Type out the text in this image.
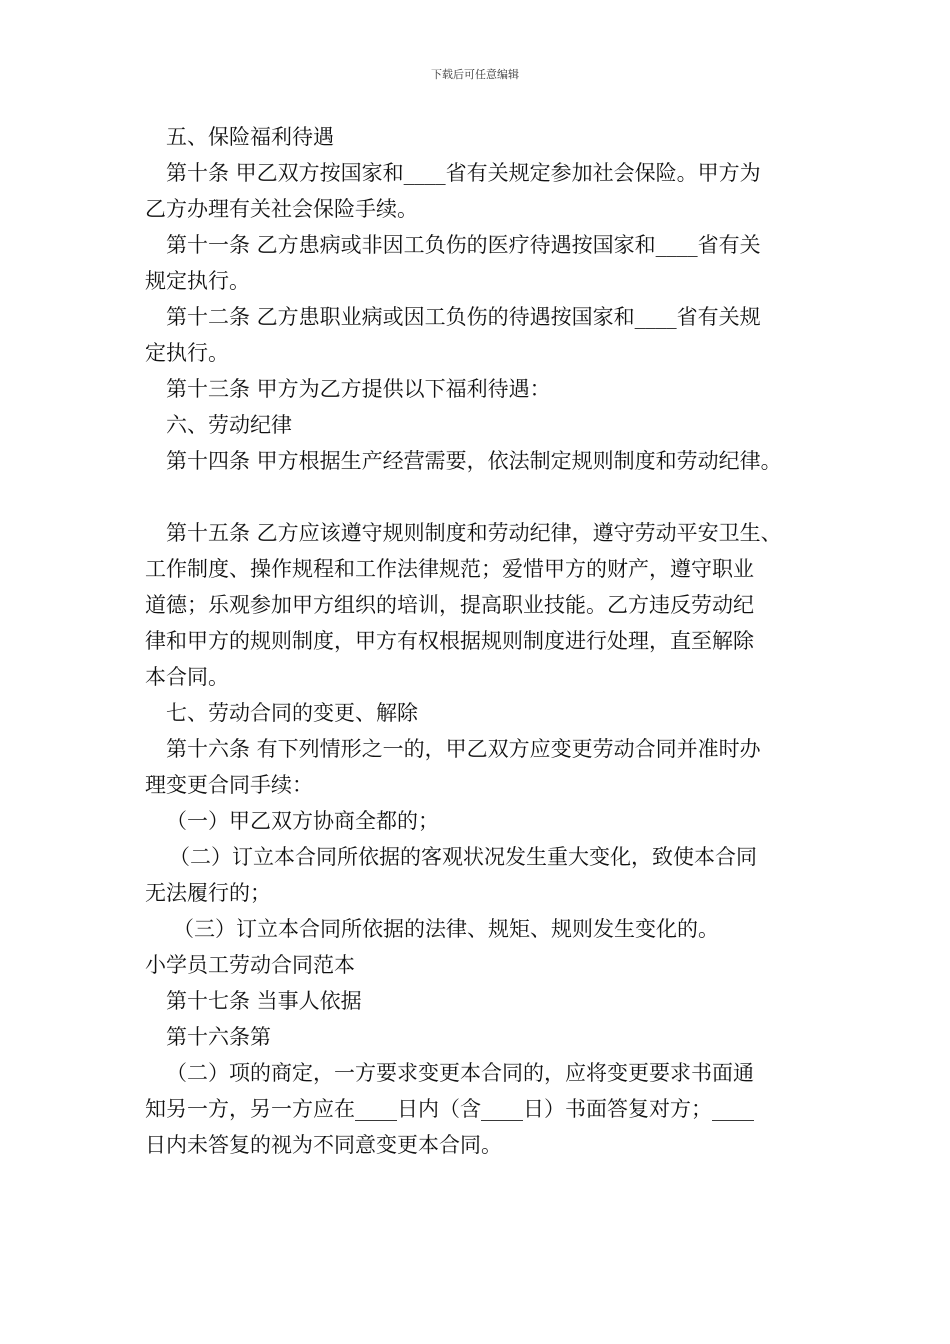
下载后可任意编辑
五、保险福利待遇
第十条 甲乙双方按国家和____省有关规定参加社会保险。甲方为
乙方办理有关社会保险手续。
第十一条 乙方患病或非因工负伤的医疗待遇按国家和____省有关
规定执行。
第十二条 乙方患职业病或因工负伤的待遇按国家和____省有关规
定执行。
第十三条 甲方为乙方提供以下福利待遇：
六、劳动纪律
第十四条 甲方根据生产经营需要，依法制定规则制度和劳动纪律。
第十五条 乙方应该遵守规则制度和劳动纪律，遵守劳动平安卫生、
工作制度、操作规程和工作法律规范；爱惜甲方的财产，遵守职业
道德；乐观参加甲方组织的培训，提高职业技能。乙方违反劳动纪
律和甲方的规则制度，甲方有权根据规则制度进行处理，直至解除
本合同。
七、劳动合同的变更、解除
第十六条 有下列情形之一的，甲乙双方应变更劳动合同并准时办
理变更合同手续：
（一）甲乙双方协商全都的；
（二）订立本合同所依据的客观状况发生重大变化，致使本合同
无法履行的；
（三）订立本合同所依据的法律、规矩、规则发生变化的。
小学员工劳动合同范本
第十七条 当事人依据
第十六条第
（二）项的商定，一方要求变更本合同的，应将变更要求书面通
知另一方，另一方应在____日内（含____日）书面答复对方；____
日内未答复的视为不同意变更本合同。
